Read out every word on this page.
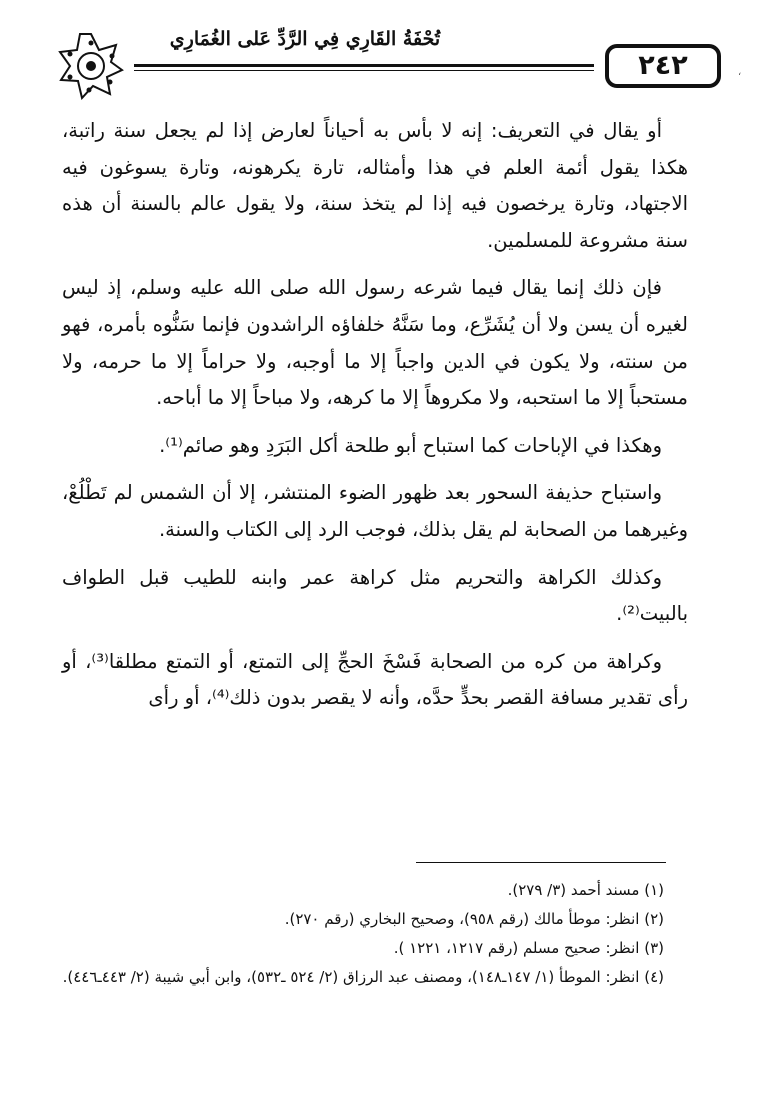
تُحْفَةُ القَارِي فِي الرَّدِّ عَلى الغُمَارِي
٢٤٢	‘

أو يقال في التعريف: إنه لا بأس به أحياناً لعارض إذا لم يجعل سنة راتبة، هكذا يقول أئمة العلم في هذا وأمثاله، تارة يكرهونه، وتارة يسوغون فيه الاجتهاد، وتارة يرخصون فيه إذا لم يتخذ سنة، ولا يقول عالم بالسنة أن هذه سنة مشروعة للمسلمين.

فإن ذلك إنما يقال فيما شرعه رسول الله صلى الله عليه وسلم، إذ ليس لغيره أن يسن ولا أن يُشَرِّع، وما سَنَّهُ خلفاؤه الراشدون فإنما سَنُّوه بأمره، فهو من سنته، ولا يكون في الدين واجباً إلا ما أوجبه، ولا حراماً إلا ما حرمه، ولا مستحباً إلا ما استحبه، ولا مكروهاً إلا ما كرهه، ولا مباحاً إلا ما أباحه.

وهكذا في الإباحات كما استباح أبو طلحة أكل البَرَدِ وهو صائم⁽¹⁾.

واستباح حذيفة السحور بعد ظهور الضوء المنتشر، إلا أن الشمس لم تَطْلُعْ، وغيرهما من الصحابة لم يقل بذلك، فوجب الرد إلى الكتاب والسنة.

وكذلك الكراهة والتحريم مثل كراهة عمر وابنه للطيب قبل الطواف بالبيت⁽²⁾.

وكراهة من كره من الصحابة فَسْخَ الحجِّ إلى التمتع، أو التمتع مطلقا⁽³⁾، أو رأى تقدير مسافة القصر بحدٍّ حدَّه، وأنه لا يقصر بدون ذلك⁽⁴⁾، أو رأى

(١) مسند أحمد (٣/ ٢٧٩).
(٢) انظر: موطأ مالك (رقم ٩٥٨)، وصحيح البخاري (رقم ٢٧٠).
(٣) انظر: صحيح مسلم (رقم ١٢١٧، ١٢٢١ ).
(٤) انظر: الموطأ (١/ ١٤٧ـ١٤٨)، ومصنف عبد الرزاق (٢/ ٥٢٤ ـ٥٣٢)، وابن أبي شيبة (٢/ ٤٤٣ـ٤٤٦).
